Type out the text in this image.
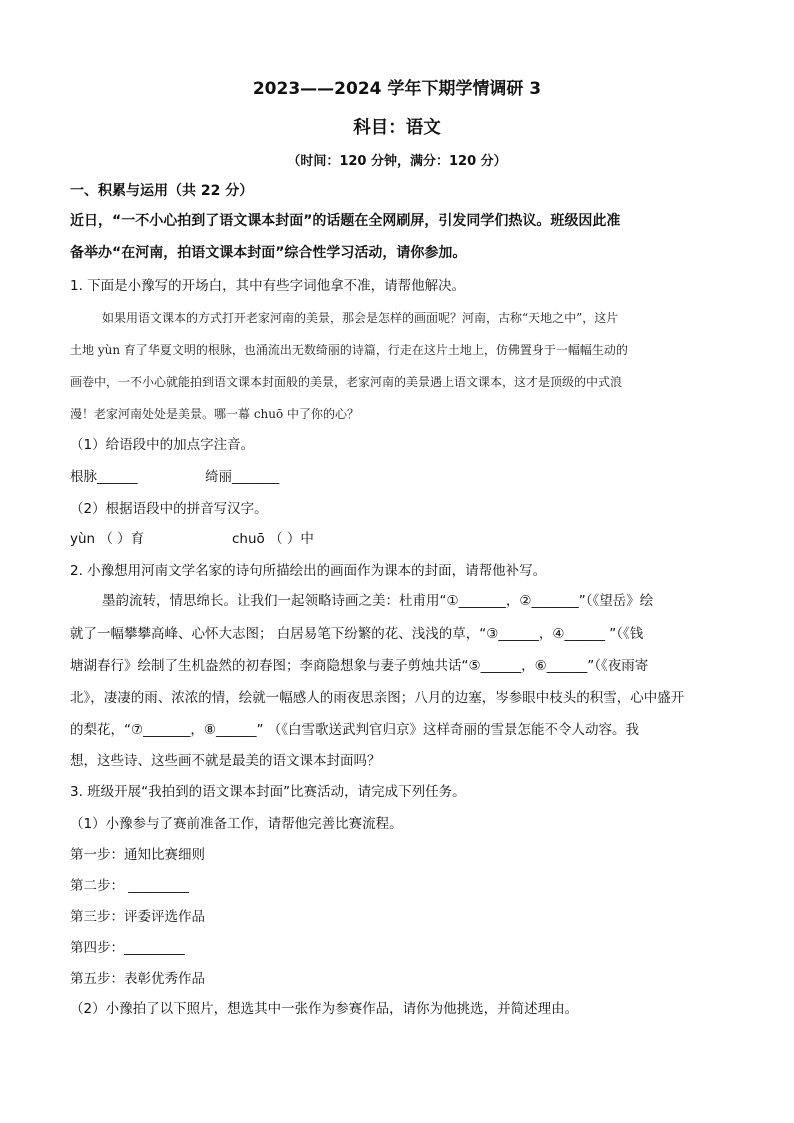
2023——2024 学年下期学情调研 3
科目：语文
（时间：120 分钟，满分：120 分）
一、积累与运用（共 22 分）
近日，“一不小心拍到了语文课本封面”的话题在全网刷屏，引发同学们热议。班级因此准
备举办“在河南，拍语文课本封面”综合性学习活动，请你参加。
1. 下面是小豫写的开场白，其中有些字词他拿不准，请帮他解决。
如果用语文课本的方式打开老家河南的美景，那会是怎样的画面呢？河南，古称“天地之中”，这片
土地 yùn 育了华夏文明的根脉，也涌流出无数绮丽的诗篇，行走在这片土地上，仿佛置身于一幅幅生动的
画卷中，一不小心就能拍到语文课本封面般的美景，老家河南的美景遇上语文课本，这才是顶级的中式浪
漫！老家河南处处是美景。哪一幕 chuō 中了你的心？
（1）给语段中的加点字注音。
根脉______	绮丽_______
（2）根据语段中的拼音写汉字。
yùn （ ）育	chuō （ ）中
2. 小豫想用河南文学名家的诗句所描绘出的画面作为课本的封面，请帮他补写。
墨韵流转，情思绵长。让我们一起领略诗画之美：杜甫用“①_______，②_______”（《望岳》绘
就了一幅攀攀高峰、心怀大志图； 白居易笔下纷繁的花、浅浅的草，“③______，④______ ”（《钱
塘湖春行》绘制了生机盎然的初春图；李商隐想象与妻子剪烛共话“⑤______，⑥______”（《夜雨寄
北》，凄凄的雨、浓浓的情，绘就一幅感人的雨夜思亲图；八月的边塞，岑参眼中枝头的积雪，心中盛开
的梨花，“⑦_______，⑧______” （《白雪歌送武判官归京》这样奇丽的雪景怎能不令人动容。我
想，这些诗、这些画不就是最美的语文课本封面吗？
3. 班级开展“我拍到的语文课本封面”比赛活动，请完成下列任务。
（1）小豫参与了赛前准备工作，请帮他完善比赛流程。
第一步：通知比赛细则
第二步： _________
第三步：评委评选作品
第四步：_________
第五步：表彰优秀作品
（2）小豫拍了以下照片，想选其中一张作为参赛作品，请你为他挑选，并简述理由。
